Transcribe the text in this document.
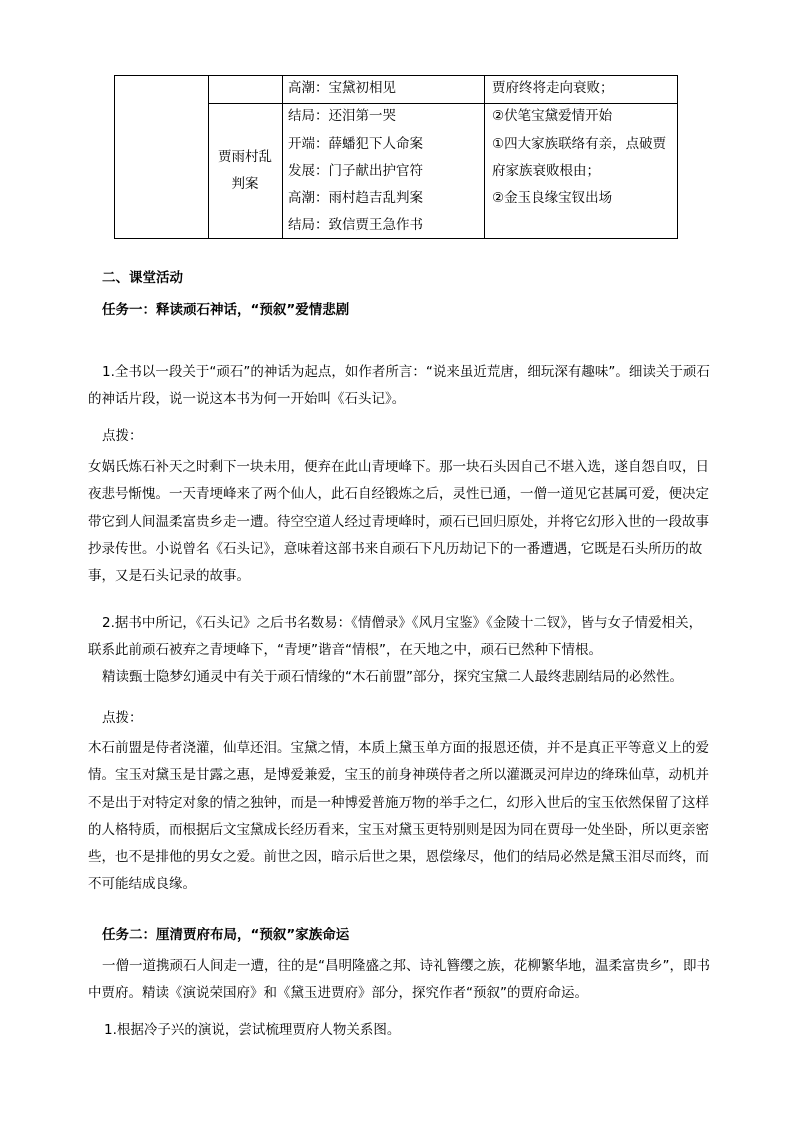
高潮：宝黛初相见
结局：还泪第一哭
贾府终将走向衰败；
②伏笔宝黛爱情开始
贾雨村乱
判案
开端：薛蟠犯下人命案
发展：门子献出护官符
高潮：雨村趋吉乱判案
结局：致信贾王急作书
①四大家族联络有亲，点破贾
府家族衰败根由；
②金玉良缘宝钗出场
二、课堂活动
任务一：释读顽石神话，“预叙”爱情悲剧
1.全书以一段关于“顽石”的神话为起点，如作者所言：“说来虽近荒唐，细玩深有趣味”。细读关于顽石的神话片段，说一说这本书为何一开始叫《石头记》。
点拨：
女娲氏炼石补天之时剩下一块未用，便弃在此山青埂峰下。那一块石头因自己不堪入选，遂自怨自叹，日夜悲号惭愧。一天青埂峰来了两个仙人，此石自经锻炼之后，灵性已通，一僧一道见它甚属可爱，便决定带它到人间温柔富贵乡走一遭。待空空道人经过青埂峰时，顽石已回归原处，并将它幻形入世的一段故事抄录传世。小说曾名《石头记》，意味着这部书来自顽石下凡历劫记下的一番遭遇，它既是石头所历的故事，又是石头记录的故事。
2.据书中所记，《石头记》之后书名数易：《情僧录》《风月宝鉴》《金陵十二钗》，皆与女子情爱相关，联系此前顽石被弃之青埂峰下，“青埂”谐音“情根”，在天地之中，顽石已然种下情根。
精读甄士隐梦幻通灵中有关于顽石情缘的“木石前盟”部分，探究宝黛二人最终悲剧结局的必然性。
点拨：
木石前盟是侍者浇灌，仙草还泪。宝黛之情，本质上黛玉单方面的报恩还债，并不是真正平等意义上的爱情。宝玉对黛玉是甘露之惠，是博爱兼爱，宝玉的前身神瑛侍者之所以灌溉灵河岸边的绛珠仙草，动机并不是出于对特定对象的情之独钟，而是一种博爱普施万物的举手之仁，幻形入世后的宝玉依然保留了这样的人格特质，而根据后文宝黛成长经历看来，宝玉对黛玉更特别则是因为同在贾母一处坐卧，所以更亲密些，也不是排他的男女之爱。前世之因，暗示后世之果，恩偿缘尽，他们的结局必然是黛玉泪尽而终，而不可能结成良缘。
任务二：厘清贾府布局，“预叙”家族命运
一僧一道携顽石人间走一遭，往的是“昌明隆盛之邦、诗礼簪缨之族，花柳繁华地，温柔富贵乡”，即书中贾府。精读《演说荣国府》和《黛玉进贾府》部分，探究作者“预叙”的贾府命运。
1.根据冷子兴的演说，尝试梳理贾府人物关系图。
